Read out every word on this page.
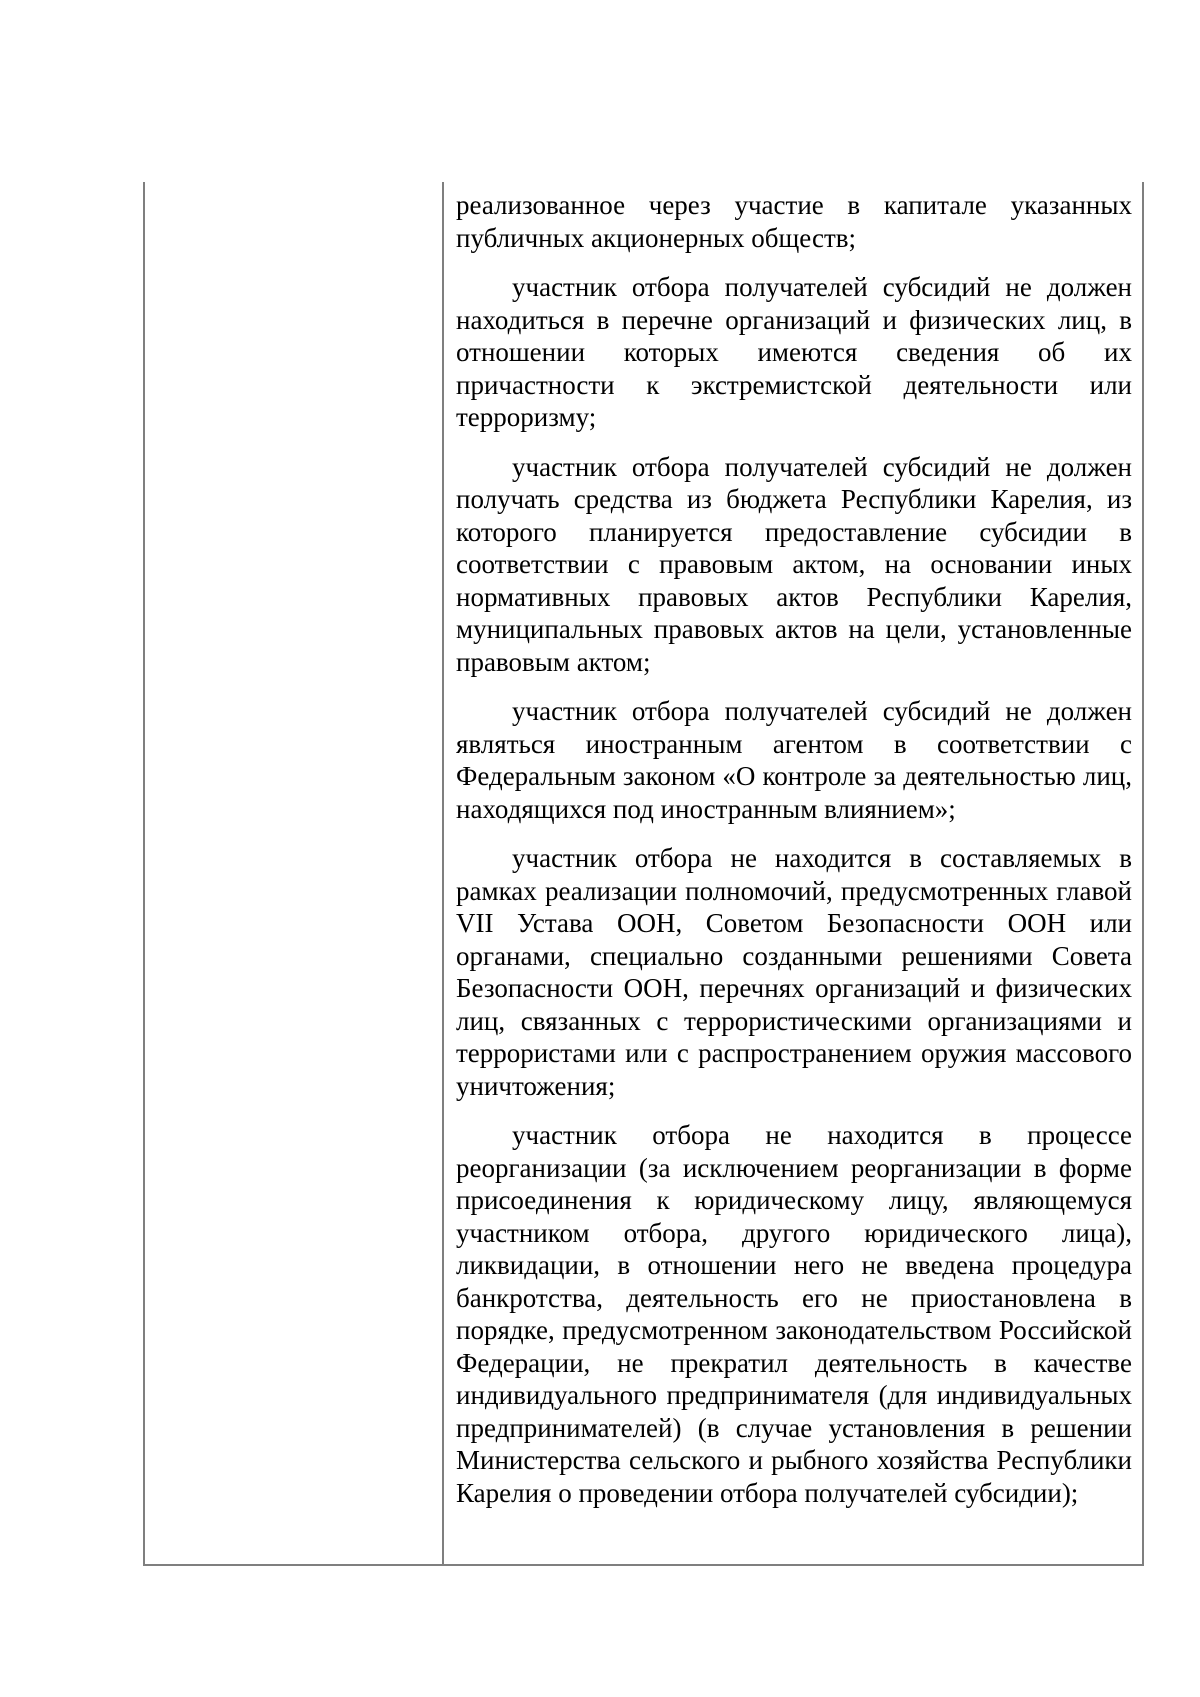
реализованное через участие в капитале указанных публичных акционерных обществ;

участник отбора получателей субсидий не должен находиться в перечне организаций и физических лиц, в отношении которых имеются сведения об их причастности к экстремистской деятельности или терроризму;

участник отбора получателей субсидий не должен получать средства из бюджета Республики Карелия, из которого планируется предоставление субсидии в соответствии с правовым актом, на основании иных нормативных правовых актов Республики Карелия, муниципальных правовых актов на цели, установленные правовым актом;

участник отбора получателей субсидий не должен являться иностранным агентом в соответствии с Федеральным законом «О контроле за деятельностью лиц, находящихся под иностранным влиянием»;

участник отбора не находится в составляемых в рамках реализации полномочий, предусмотренных главой VII Устава ООН, Советом Безопасности ООН или органами, специально созданными решениями Совета Безопасности ООН, перечнях организаций и физических лиц, связанных с террористическими организациями и террористами или с распространением оружия массового уничтожения;

участник отбора не находится в процессе реорганизации (за исключением реорганизации в форме присоединения к юридическому лицу, являющемуся участником отбора, другого юридического лица), ликвидации, в отношении него не введена процедура банкротства, деятельность его не приостановлена в порядке, предусмотренном законодательством Российской Федерации, не прекратил деятельность в качестве индивидуального предпринимателя (для индивидуальных предпринимателей) (в случае установления в решении Министерства сельского и рыбного хозяйства Республики Карелия о проведении отбора получателей субсидии);
